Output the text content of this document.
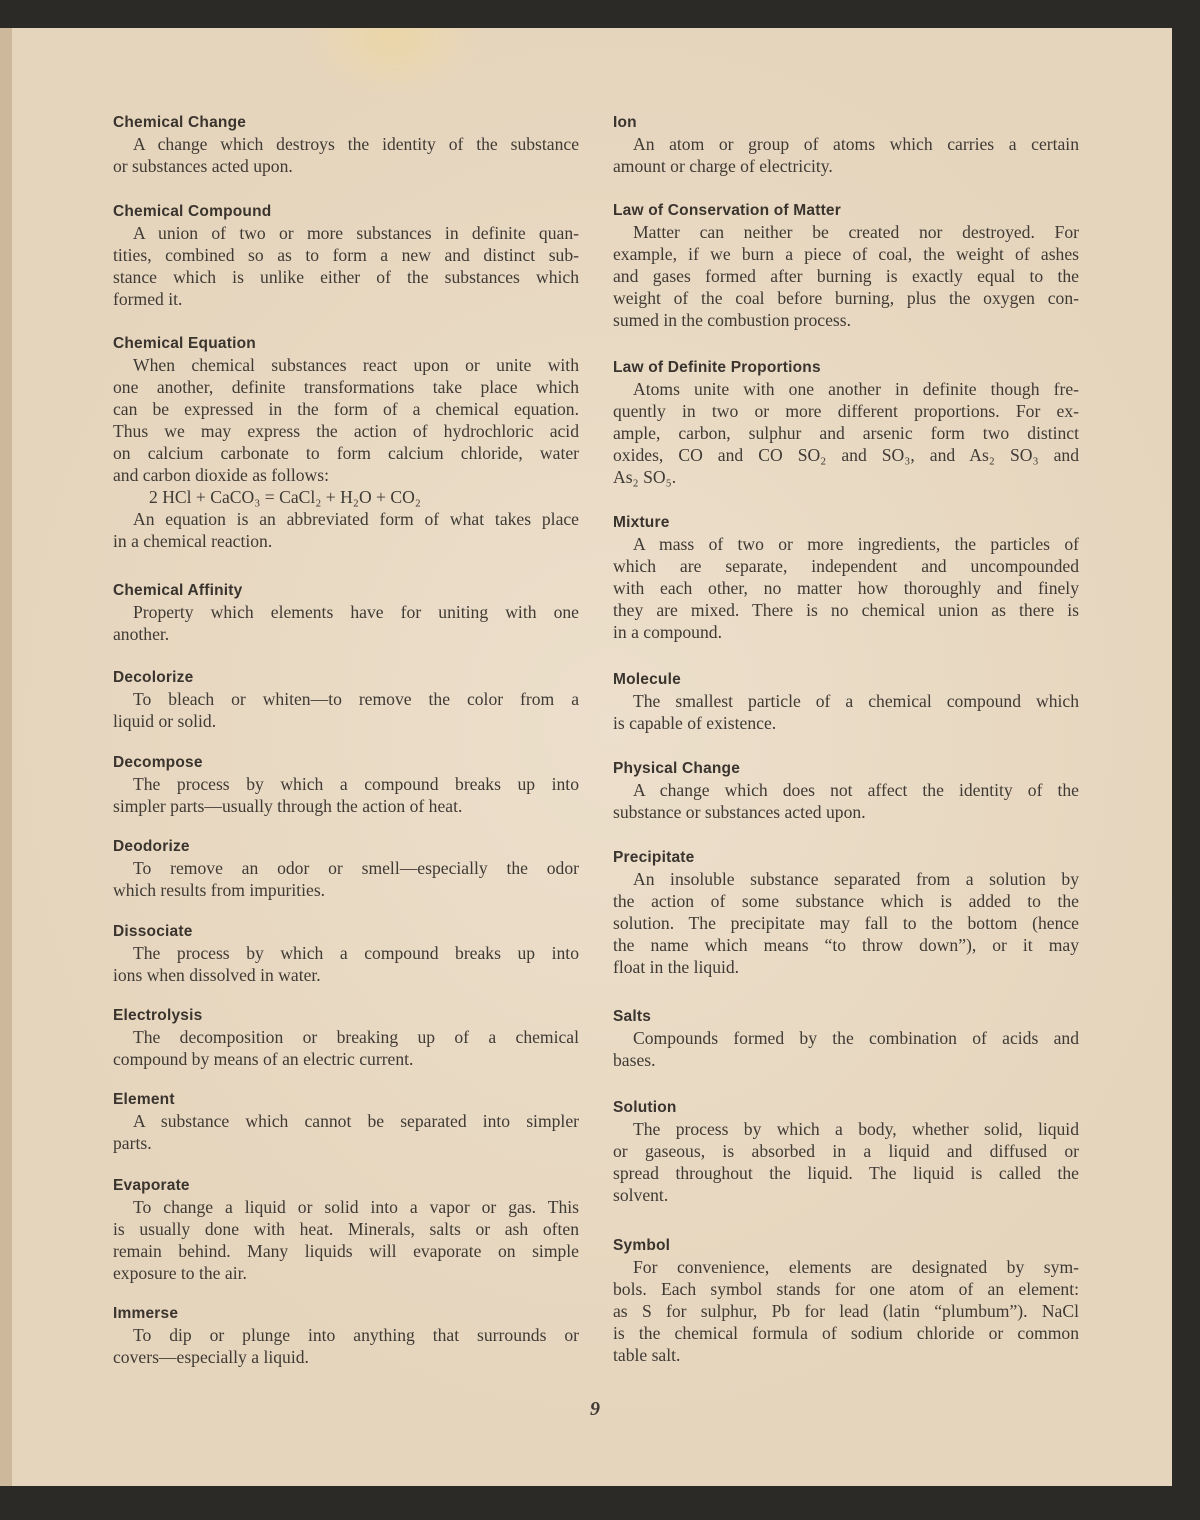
Chemical Change
A change which destroys the identity of the substance
or substances acted upon.
Chemical Compound
A union of two or more substances in definite quan-
tities, combined so as to form a new and distinct sub-
stance which is unlike either of the substances which
formed it.
Chemical Equation
When chemical substances react upon or unite with
one another, definite transformations take place which
can be expressed in the form of a chemical equation.
Thus we may express the action of hydrochloric acid
on calcium carbonate to form calcium chloride, water
and carbon dioxide as follows:
2 HCl + CaCO₃ = CaCl₂ + H₂O + CO₂
An equation is an abbreviated form of what takes place
in a chemical reaction.
Chemical Affinity
Property which elements have for uniting with one
another.
Decolorize
To bleach or whiten—to remove the color from a
liquid or solid.
Decompose
The process by which a compound breaks up into
simpler parts—usually through the action of heat.
Deodorize
To remove an odor or smell—especially the odor
which results from impurities.
Dissociate
The process by which a compound breaks up into
ions when dissolved in water.
Electrolysis
The decomposition or breaking up of a chemical
compound by means of an electric current.
Element
A substance which cannot be separated into simpler
parts.
Evaporate
To change a liquid or solid into a vapor or gas. This
is usually done with heat. Minerals, salts or ash often
remain behind. Many liquids will evaporate on simple
exposure to the air.
Immerse
To dip or plunge into anything that surrounds or
covers—especially a liquid.
Ion
An atom or group of atoms which carries a certain
amount or charge of electricity.
Law of Conservation of Matter
Matter can neither be created nor destroyed. For
example, if we burn a piece of coal, the weight of ashes
and gases formed after burning is exactly equal to the
weight of the coal before burning, plus the oxygen con-
sumed in the combustion process.
Law of Definite Proportions
Atoms unite with one another in definite though fre-
quently in two or more different proportions. For ex-
ample, carbon, sulphur and arsenic form two distinct
oxides, CO and CO SO₂ and SO₃, and As₂ SO₃ and
As₂ SO₅.
Mixture
A mass of two or more ingredients, the particles of
which are separate, independent and uncompounded
with each other, no matter how thoroughly and finely
they are mixed. There is no chemical union as there is
in a compound.
Molecule
The smallest particle of a chemical compound which
is capable of existence.
Physical Change
A change which does not affect the identity of the
substance or substances acted upon.
Precipitate
An insoluble substance separated from a solution by
the action of some substance which is added to the
solution. The precipitate may fall to the bottom (hence
the name which means “to throw down”), or it may
float in the liquid.
Salts
Compounds formed by the combination of acids and
bases.
Solution
The process by which a body, whether solid, liquid
or gaseous, is absorbed in a liquid and diffused or
spread throughout the liquid. The liquid is called the
solvent.
Symbol
For convenience, elements are designated by sym-
bols. Each symbol stands for one atom of an element:
as S for sulphur, Pb for lead (latin “plumbum”). NaCl
is the chemical formula of sodium chloride or common
table salt.
9
